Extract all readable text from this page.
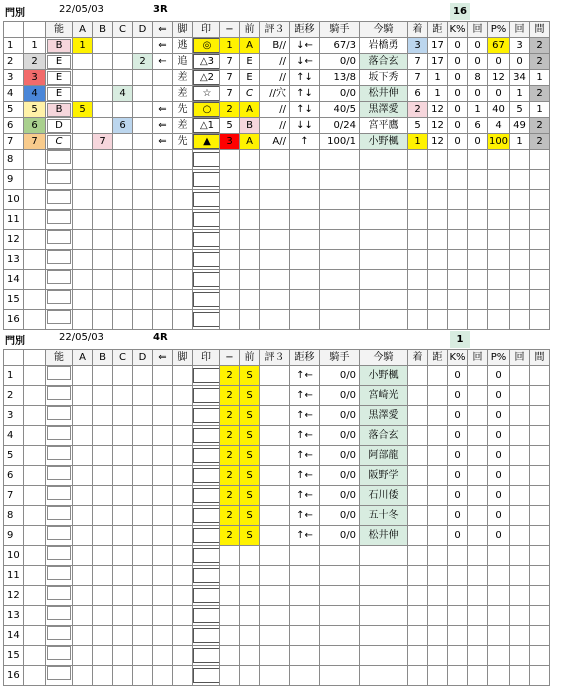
門別	22/05/03	3R	16
		能	A	B	C	D	⇐	脚	印	−	前	評３	距移	騎手	今騎	着	距	K%	回	P%	回	間
1	1	B	1				⇐	逃	◎	1	A	B//	↓←	67/3	岩橋勇	3	17	0	0	67	3	2
2	2	E				2	←	追	△3	7	E	//	↓←	0/0	落合玄	7	17	0	0	0	0	2
3	3	E						差	△2	7	E	//	↑↓	13/8	坂下秀	7	1	0	8	12	34	1
4	4	E			4			差	☆	7	C	//穴	↑↓	0/0	松井伸	6	1	0	0	0	1	2
5	5	B	5				⇐	先	○	2	A	//	↑↓	40/5	黒澤愛	2	12	0	1	40	5	1
6	6	D			6		⇐	差	△1	5	B	//	↓↓	0/24	宮平鷹	5	12	0	6	4	49	2
7	7	C		7			⇐	先	▲	3	A	A//	↑	100/1	小野楓	1	12	0	0	100	1	2
8									

9									

10									

11									

12									

13									

14									

15									

16									

門別	22/05/03	4R	1
		能	A	B	C	D	⇐	脚	印	−	前	評３	距移	騎手	今騎	着	距	K%	回	P%	回	間
1										2	S		↑←	0/0	小野楓			0		0		
2										2	S		↑←	0/0	宮崎光			0		0		
3										2	S		↑←	0/0	黒澤愛			0		0		
4										2	S		↑←	0/0	落合玄			0		0		
5										2	S		↑←	0/0	阿部龍			0		0		
6										2	S		↑←	0/0	阪野学			0		0		
7										2	S		↑←	0/0	石川倭			0		0		
8										2	S		↑←	0/0	五十冬			0		0		
9										2	S		↑←	0/0	松井伸			0		0		
10									

11									

12									

13									

14									

15									

16									
